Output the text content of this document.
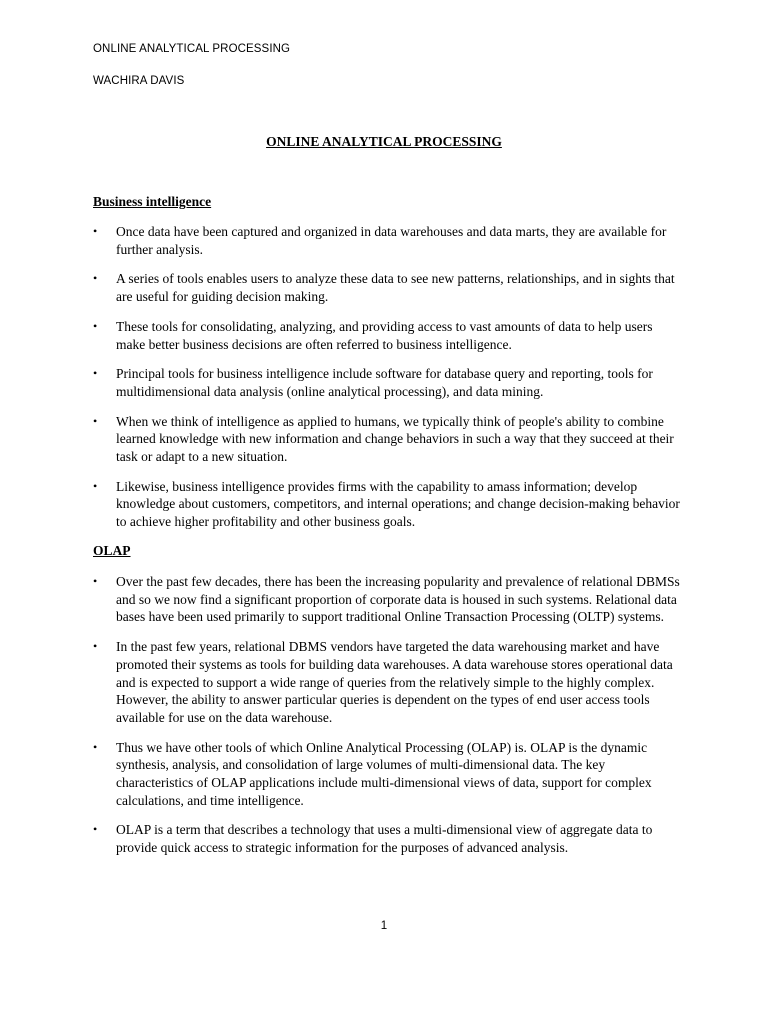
ONLINE ANALYTICAL PROCESSING
WACHIRA DAVIS
ONLINE ANALYTICAL PROCESSING
Business intelligence
•	Once data have been captured and organized in data warehouses and data marts, they are available for further analysis.
•	A series of tools enables users to analyze these data to see new patterns, relationships, and in sights that are useful for guiding decision making.
•	These tools for consolidating, analyzing, and providing access to vast amounts of data to help users make better business decisions are often referred to business intelligence.
•	Principal tools for business intelligence include software for database query and reporting, tools for multidimensional data analysis (online analytical processing), and data mining.
•	When we think of intelligence as applied to humans, we typically think of people's ability to combine learned knowledge with new information and change behaviors in such a way that they succeed at their task or adapt to a new situation.
•	Likewise, business intelligence provides firms with the capability to amass information; develop knowledge about customers, competitors, and internal operations; and change decision-making behavior to achieve higher profitability and other business goals.
OLAP
•	Over the past few decades, there has been the increasing popularity and prevalence of relational DBMSs and so we now find a significant proportion of corporate data is housed in such systems. Relational data bases have been used primarily to support traditional Online Transaction Processing (OLTP) systems.
•	In the past few years, relational DBMS vendors have targeted the data warehousing market and have promoted their systems as tools for building data warehouses. A data warehouse stores operational data and is expected to support a wide range of queries from the relatively simple to the highly complex. However, the ability to answer particular queries is dependent on the types of end user access tools available for use on the data warehouse.
•	Thus we have other tools of which Online Analytical Processing (OLAP) is. OLAP is the dynamic synthesis, analysis, and consolidation of large volumes of multi-dimensional data. The key characteristics of OLAP applications include multi-dimensional views of data, support for complex calculations, and time intelligence.
•	OLAP is a term that describes a technology that uses a multi-dimensional view of aggregate data to provide quick access to strategic information for the purposes of advanced analysis.
1
